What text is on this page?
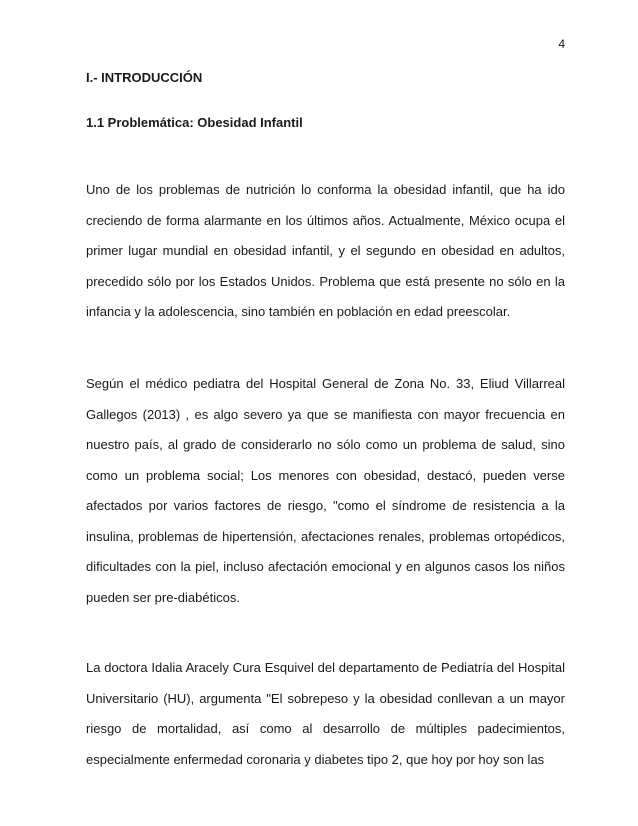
4

I.- INTRODUCCIÓN
1.1 Problemática: Obesidad Infantil

Uno de los problemas de nutrición lo conforma la obesidad infantil, que ha ido creciendo de forma alarmante en los últimos años. Actualmente, México ocupa el primer lugar mundial en obesidad infantil, y el segundo en obesidad en adultos, precedido sólo por los Estados Unidos. Problema que está presente no sólo en la infancia y la adolescencia, sino también en población en edad preescolar.

Según el médico pediatra del Hospital General de Zona No. 33, Eliud Villarreal Gallegos (2013) , es algo severo ya que se manifiesta con mayor frecuencia en nuestro país, al grado de considerarlo no sólo como un problema de salud, sino como un problema social; Los menores con obesidad, destacó, pueden verse afectados por varios factores de riesgo, "como el síndrome de resistencia a la insulina, problemas de hipertensión, afectaciones renales, problemas ortopédicos, dificultades con la piel, incluso afectación emocional y en algunos casos los niños pueden ser pre-diabéticos.

La doctora Idalia Aracely Cura Esquivel del departamento de Pediatría del Hospital Universitario (HU), argumenta "El sobrepeso y la obesidad conllevan a un mayor riesgo de mortalidad, así como al desarrollo de múltiples padecimientos, especialmente enfermedad coronaria y diabetes tipo 2, que hoy por hoy son las
